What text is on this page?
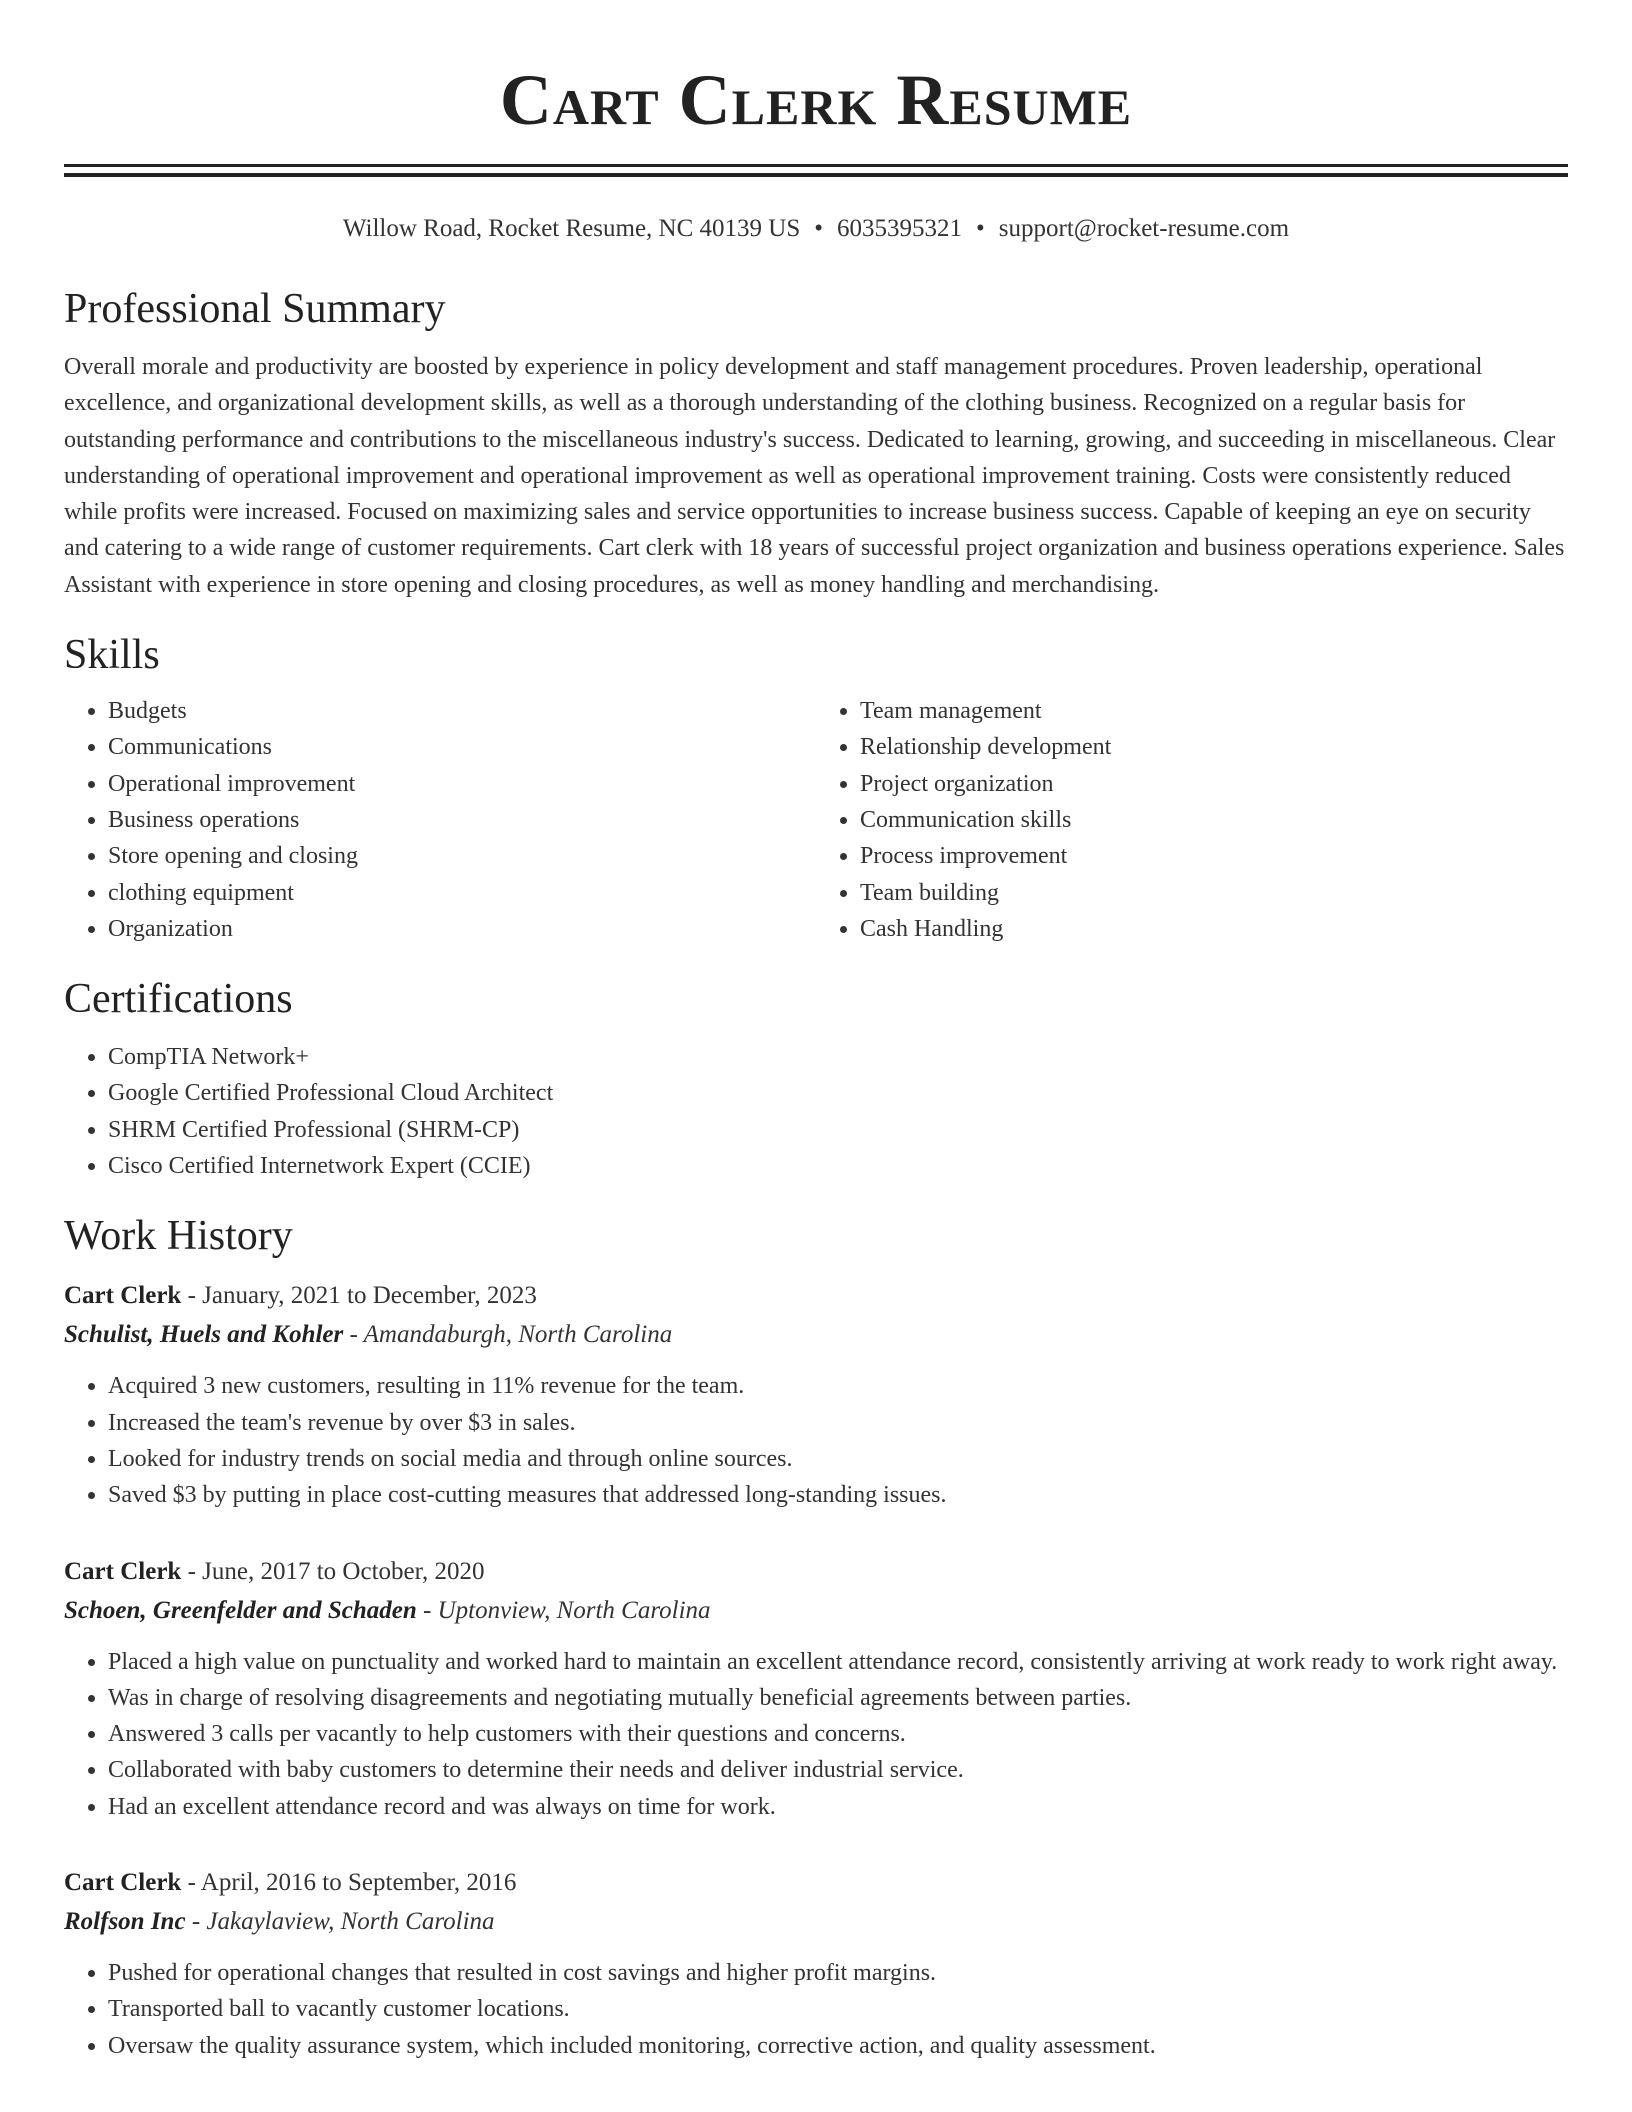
Cart Clerk Resume
Willow Road, Rocket Resume, NC 40139 US • 6035395321 • support@rocket-resume.com
Professional Summary

Overall morale and productivity are boosted by experience in policy development and staff management procedures. Proven leadership, operational excellence, and organizational development skills, as well as a thorough understanding of the clothing business. Recognized on a regular basis for outstanding performance and contributions to the miscellaneous industry's success. Dedicated to learning, growing, and succeeding in miscellaneous. Clear understanding of operational improvement and operational improvement as well as operational improvement training. Costs were consistently reduced while profits were increased. Focused on maximizing sales and service opportunities to increase business success. Capable of keeping an eye on security and catering to a wide range of customer requirements. Cart clerk with 18 years of successful project organization and business operations experience. Sales Assistant with experience in store opening and closing procedures, as well as money handling and merchandising.

Skills
• Budgets
• Communications
• Operational improvement
• Business operations
• Store opening and closing
• clothing equipment
• Organization
• Team management
• Relationship development
• Project organization
• Communication skills
• Process improvement
• Team building
• Cash Handling
Certifications
• CompTIA Network+
• Google Certified Professional Cloud Architect
• SHRM Certified Professional (SHRM-CP)
• Cisco Certified Internetwork Expert (CCIE)
Work History
Cart Clerk - January, 2021 to December, 2023
Schulist, Huels and Kohler - Amandaburgh, North Carolina
• Acquired 3 new customers, resulting in 11% revenue for the team.
• Increased the team's revenue by over $3 in sales.
• Looked for industry trends on social media and through online sources.
• Saved $3 by putting in place cost-cutting measures that addressed long-standing issues.
Cart Clerk - June, 2017 to October, 2020
Schoen, Greenfelder and Schaden - Uptonview, North Carolina
• Placed a high value on punctuality and worked hard to maintain an excellent attendance record, consistently arriving at work ready to work right away.
• Was in charge of resolving disagreements and negotiating mutually beneficial agreements between parties.
• Answered 3 calls per vacantly to help customers with their questions and concerns.
• Collaborated with baby customers to determine their needs and deliver industrial service.
• Had an excellent attendance record and was always on time for work.
Cart Clerk - April, 2016 to September, 2016
Rolfson Inc - Jakaylaview, North Carolina
• Pushed for operational changes that resulted in cost savings and higher profit margins.
• Transported ball to vacantly customer locations.
• Oversaw the quality assurance system, which included monitoring, corrective action, and quality assessment.
